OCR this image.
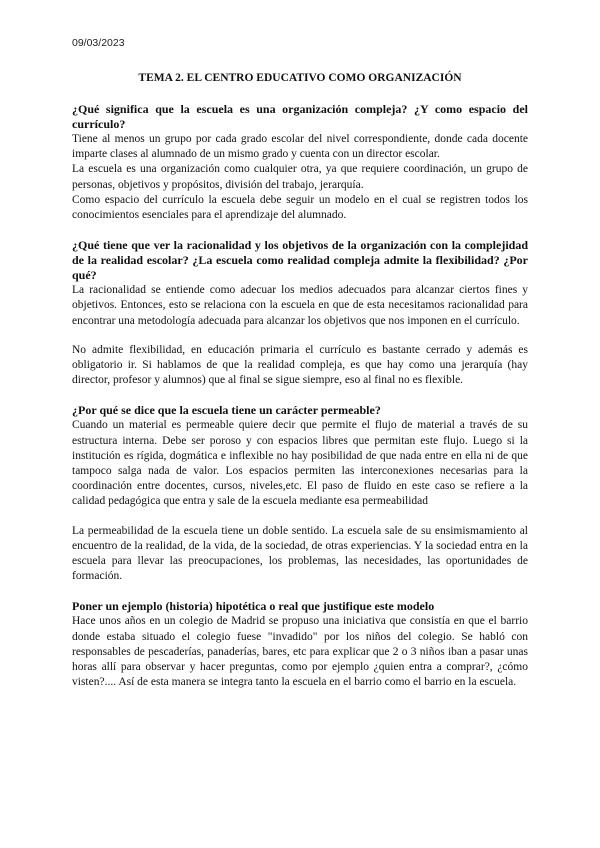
09/03/2023
TEMA 2. EL CENTRO EDUCATIVO COMO ORGANIZACIÓN
¿Qué significa que la escuela es una organización compleja? ¿Y como espacio del currículo?

Tiene al menos un grupo por cada grado escolar del nivel correspondiente, donde cada docente imparte clases al alumnado de un mismo grado y cuenta con un director escolar.

La escuela es una organización como cualquier otra, ya que requiere coordinación, un grupo de personas, objetivos y propósitos, división del trabajo, jerarquía.

Como espacio del currículo la escuela debe seguir un modelo en el cual se registren todos los conocimientos esenciales para el aprendizaje del alumnado.

¿Qué tiene que ver la racionalidad y los objetivos de la organización con la complejidad de la realidad escolar? ¿La escuela como realidad compleja admite la flexibilidad? ¿Por qué?

La racionalidad se entiende como adecuar los medios adecuados para alcanzar ciertos fines y objetivos. Entonces, esto se relaciona con la escuela en que de esta necesitamos racionalidad para encontrar una metodología adecuada para alcanzar los objetivos que nos imponen en el currículo.

No admite flexibilidad, en educación primaria el currículo es bastante cerrado y además es obligatorio ir. Si hablamos de que la realidad compleja, es que hay como una jerarquía (hay director, profesor y alumnos) que al final se sigue siempre, eso al final no es flexible.

¿Por qué se dice que la escuela tiene un carácter permeable?

Cuando un material es permeable quiere decir que permite el flujo de material a través de su estructura interna. Debe ser poroso y con espacios libres que permitan este flujo. Luego si la institución es rígida, dogmática e inflexible no hay posibilidad de que nada entre en ella ni de que tampoco salga nada de valor. Los espacios permiten las interconexiones necesarias para la coordinación entre docentes, cursos, niveles,etc. El paso de fluido en este caso se refiere a la calidad pedagógica que entra y sale de la escuela mediante esa permeabilidad

La permeabilidad de la escuela tiene un doble sentido. La escuela sale de su ensimismamiento al encuentro de la realidad, de la vida, de la sociedad, de otras experiencias. Y la sociedad entra en la escuela para llevar las preocupaciones, los problemas, las necesidades, las oportunidades de formación.

Poner un ejemplo (historia) hipotética o real que justifique este modelo

Hace unos años en un colegio de Madrid se propuso una iniciativa que consistía en que el barrio donde estaba situado el colegio fuese "invadido" por los niños del colegio. Se habló con responsables de pescaderías, panaderías, bares, etc para explicar que 2 o 3 niños iban a pasar unas horas allí para observar y hacer preguntas, como por ejemplo ¿quien entra a comprar?, ¿cómo visten?.... Así de esta manera se integra tanto la escuela en el barrio como el barrio en la escuela.
